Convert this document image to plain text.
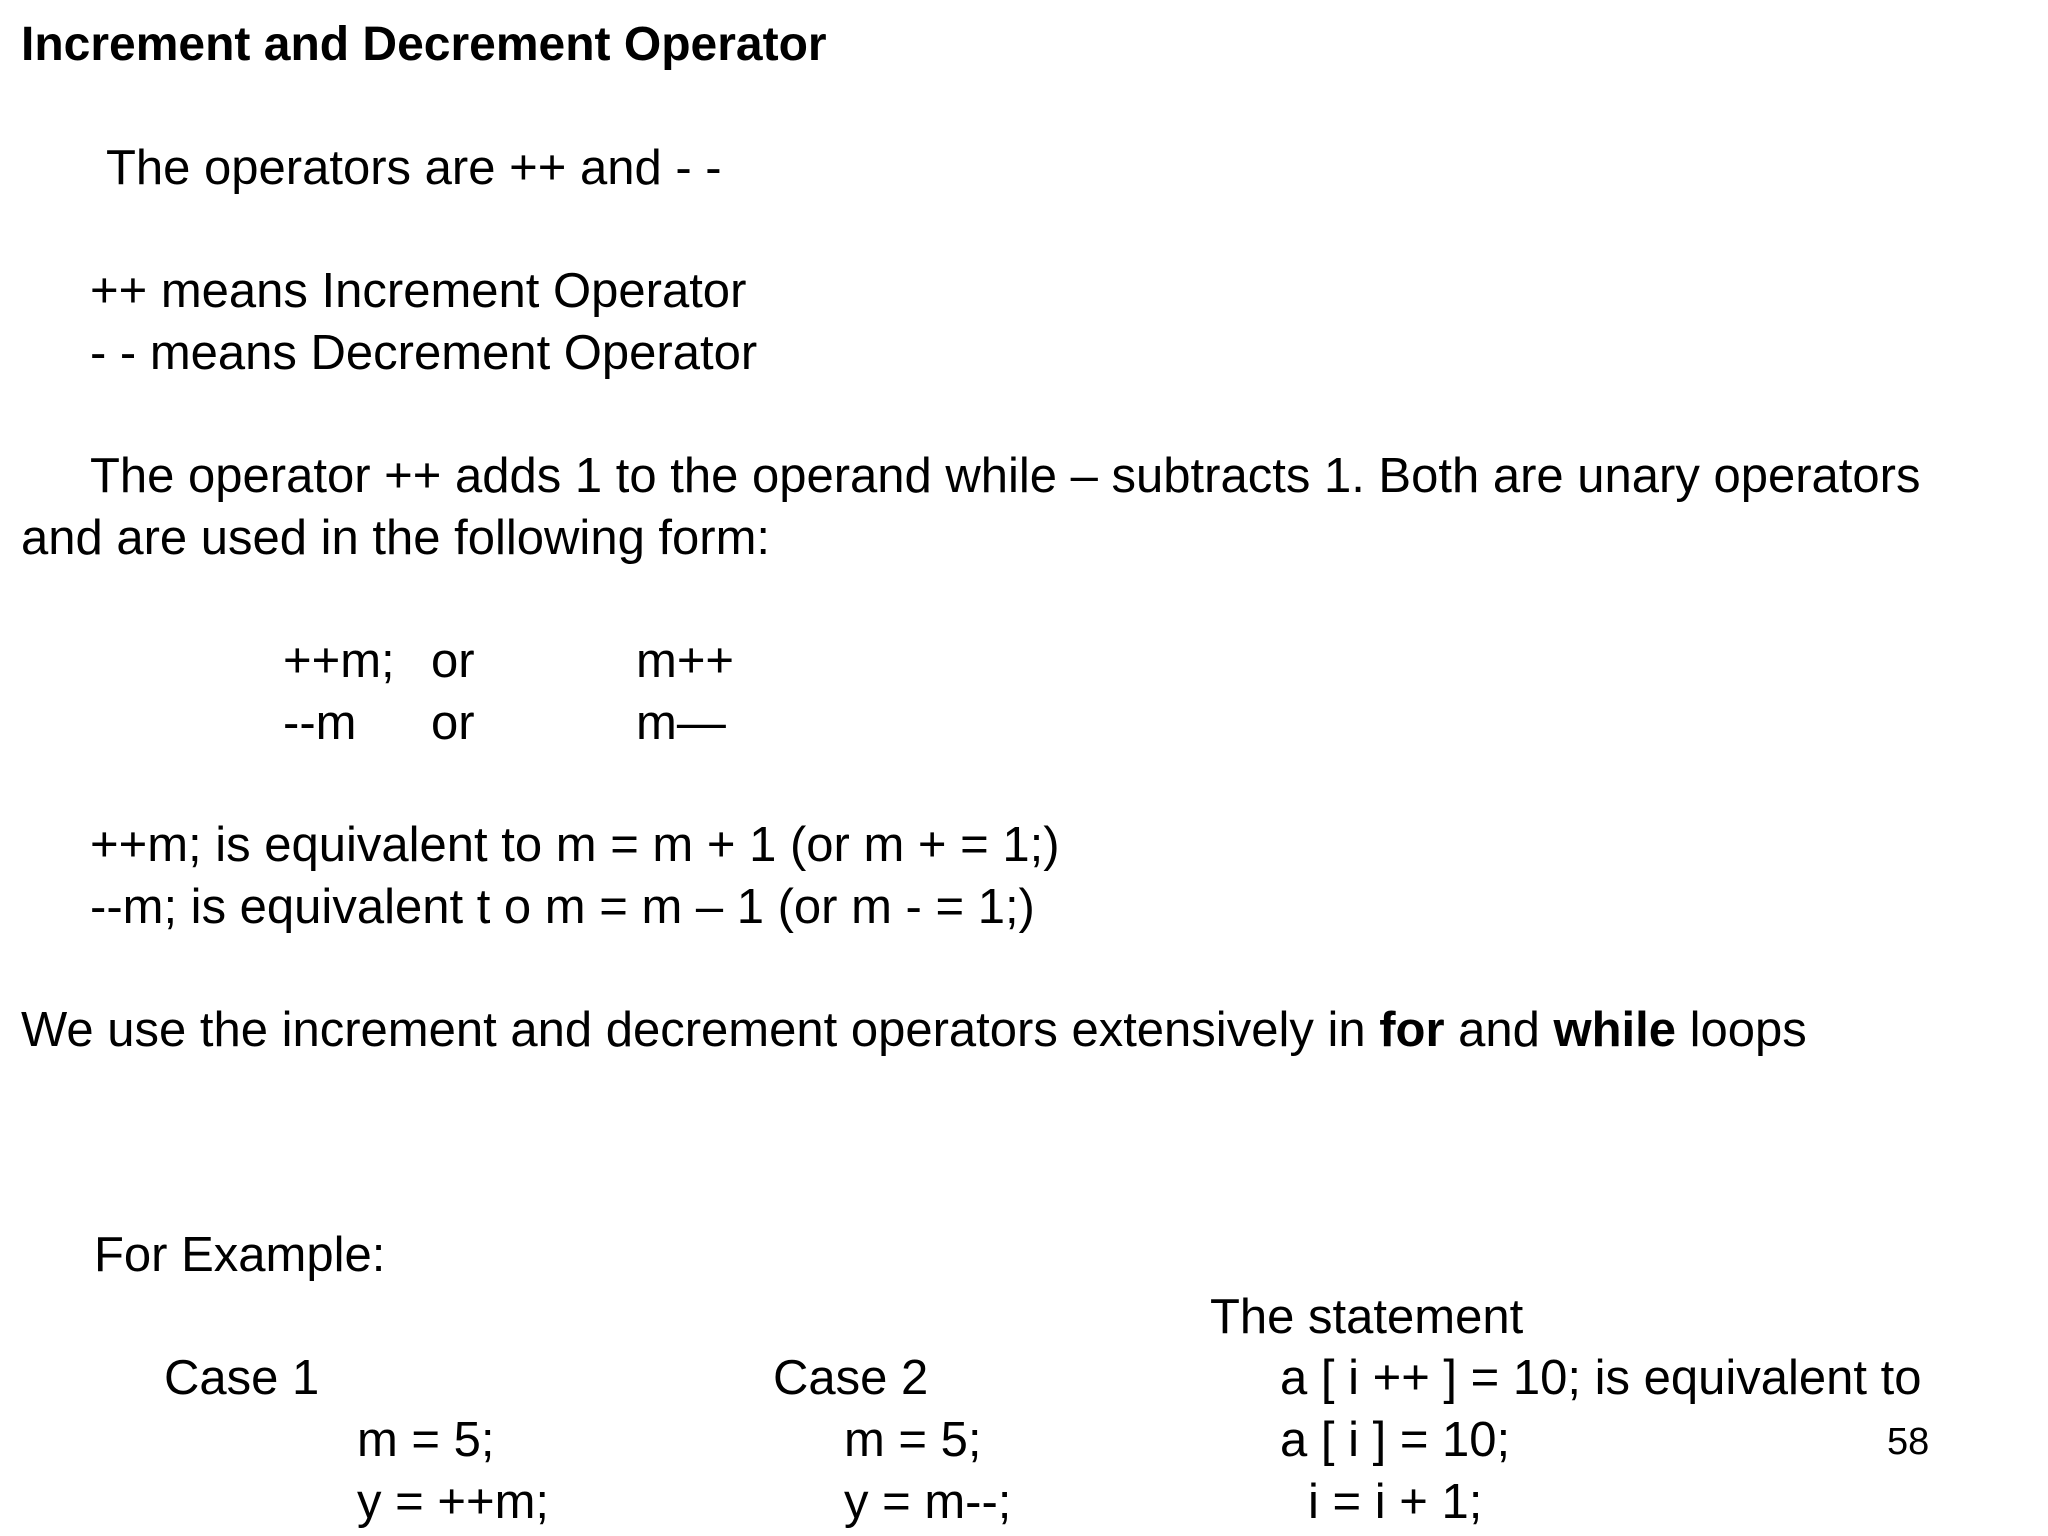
Increment and Decrement Operator
The operators are ++ and - -
++ means Increment Operator
- - means Decrement Operator
The operator ++ adds 1 to the operand while – subtracts 1. Both are unary operators
and are used in the following form:
++m; or	m++
--m or	m—
++m; is equivalent to m = m + 1 (or m + = 1;)
--m; is equivalent t o m = m – 1 (or m - = 1;)
We use the increment and decrement operators extensively in for and while loops
For Example:
Case 1
m = 5;
y = ++m;
Case 2
m = 5;
y = m--;
The statement
a [ i ++ ] = 10; is equivalent to
a [ i ] = 10;
i = i + 1;
58
